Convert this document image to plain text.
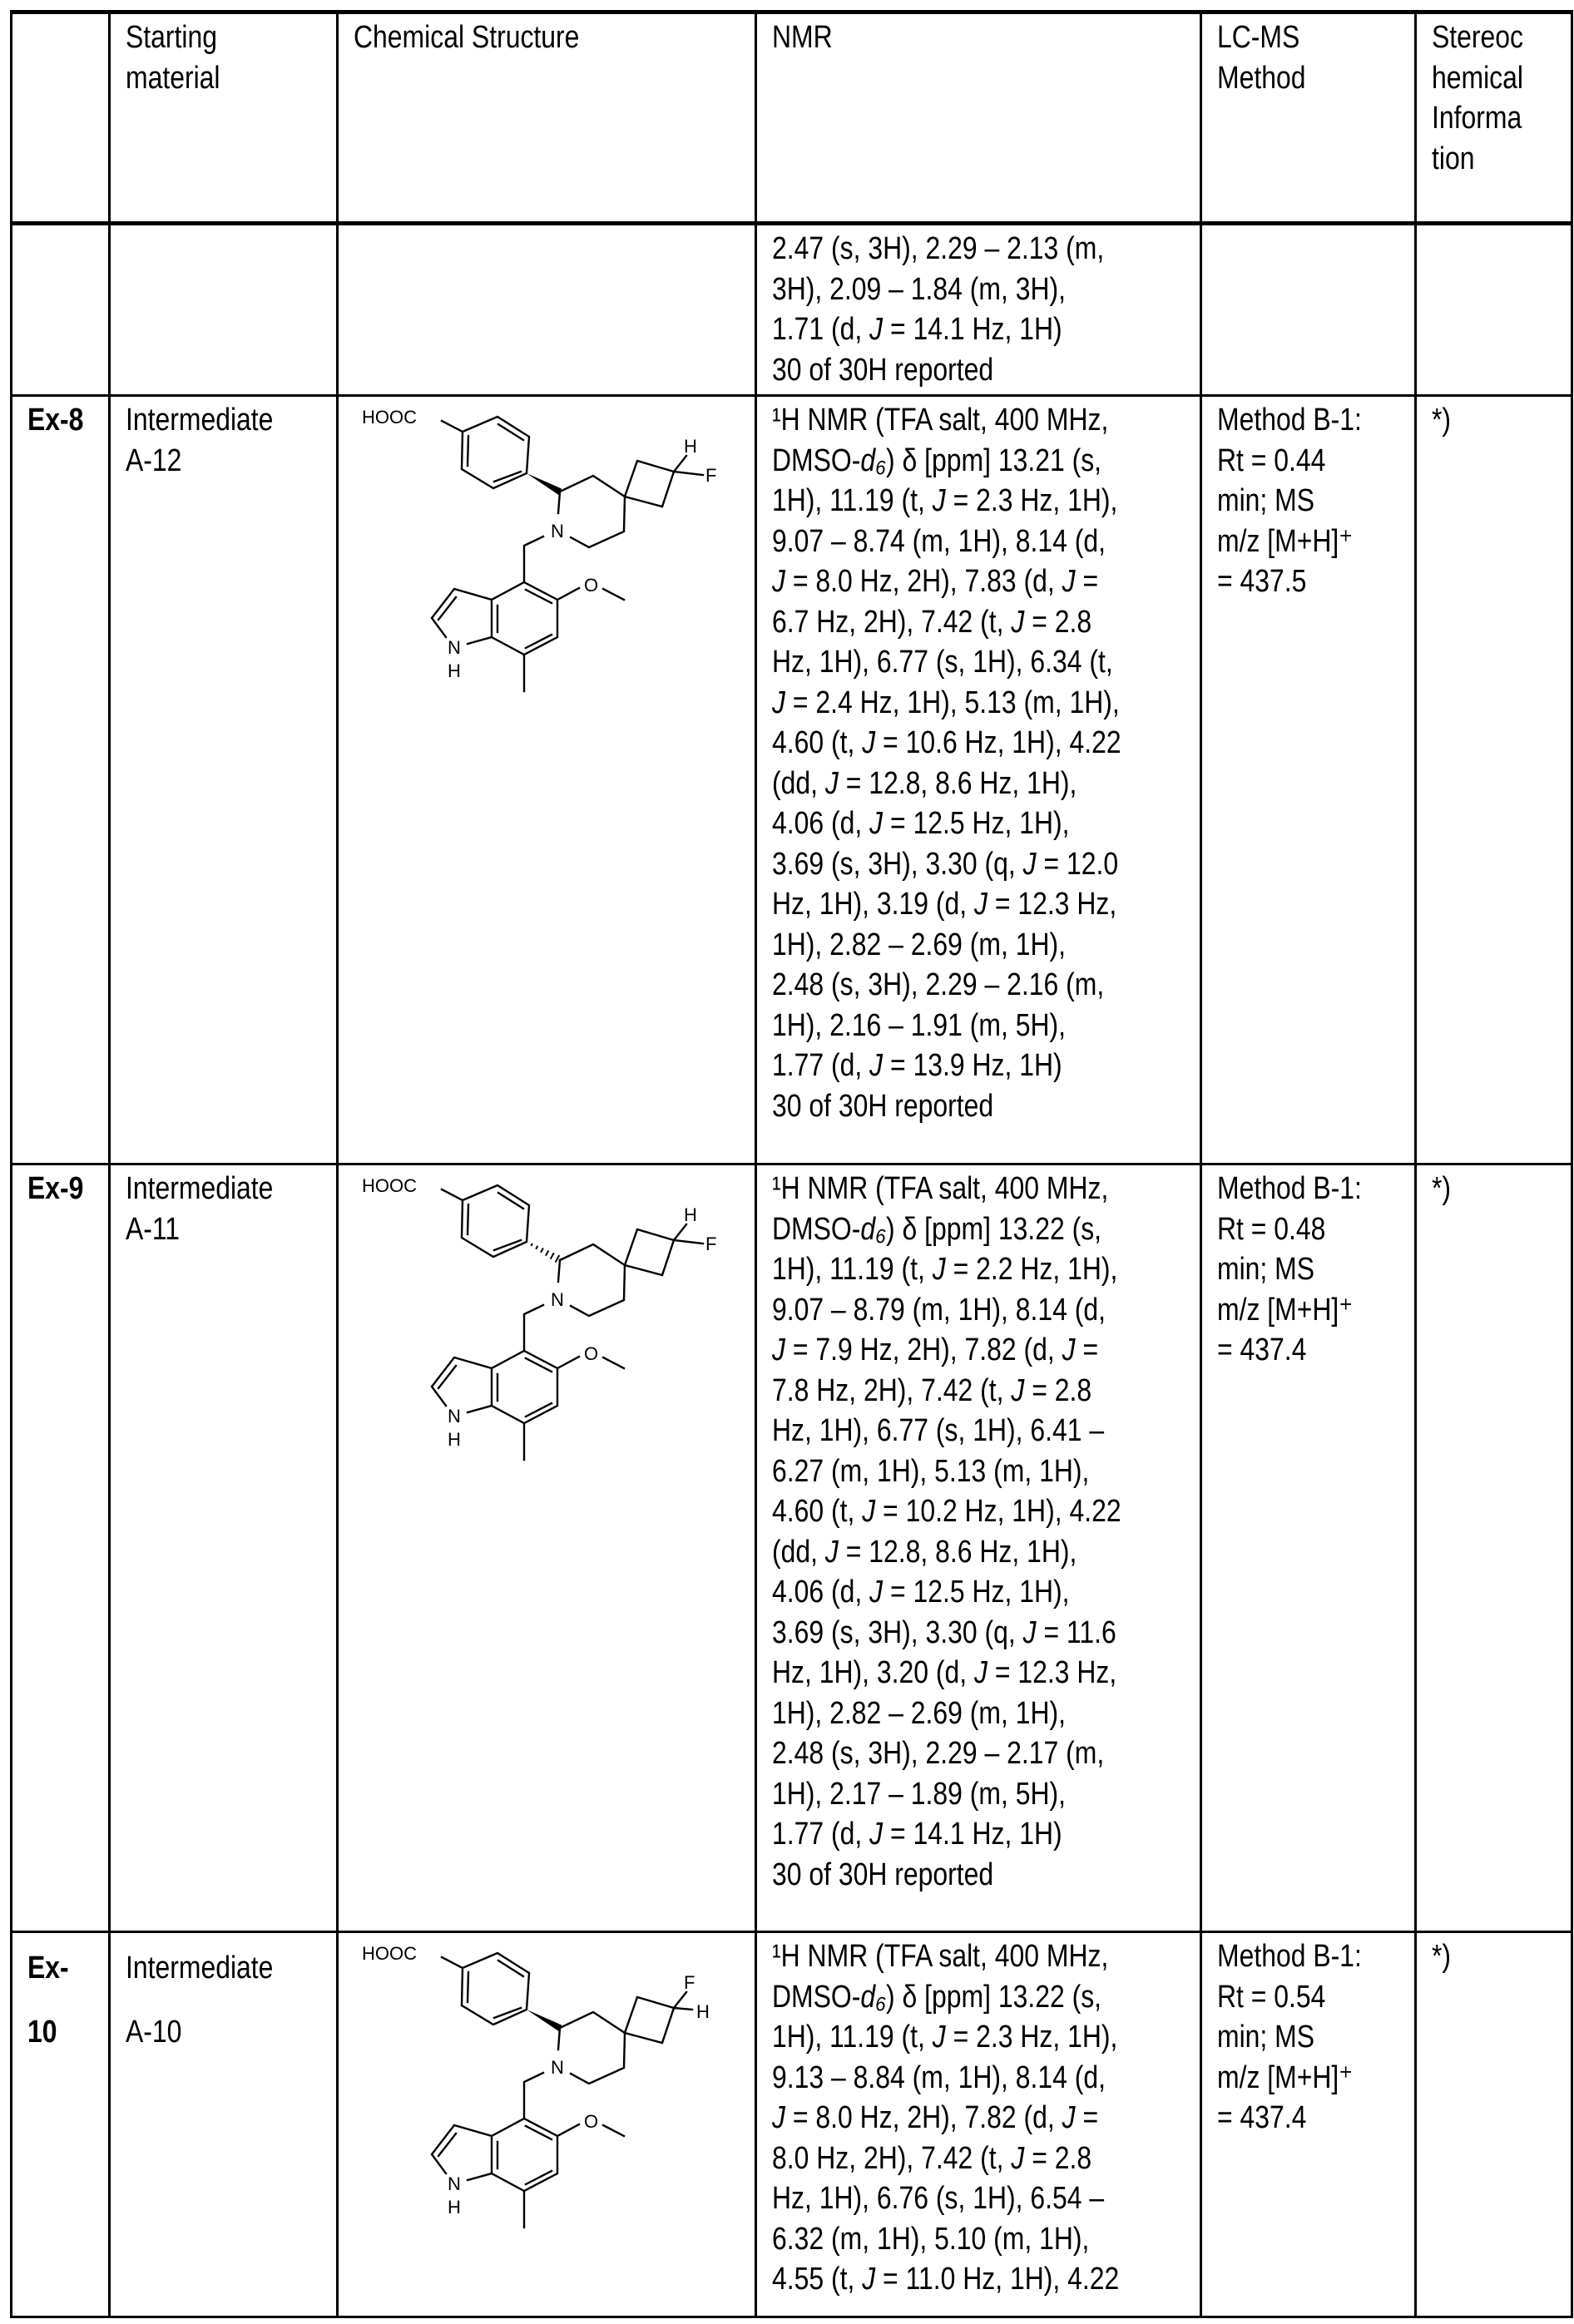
Starting
material

Chemical Structure	NMR	LC-MS
Method

Stereoc
hemical
Informa
tion

2.47 (s, 3H), 2.29 – 2.13 (m,
3H), 2.09 – 1.84 (m, 3H),
1.71 (d, J = 14.1 Hz, 1H)
30 of 30H reported

Ex-8	Intermediate
A-12

HOOC
N
H
F
N
H
O

¹H NMR (TFA salt, 400 MHz,
DMSO-d₆) δ [ppm] 13.21 (s,
1H), 11.19 (t, J = 2.3 Hz, 1H),
9.07 – 8.74 (m, 1H), 8.14 (d,
J = 8.0 Hz, 2H), 7.83 (d, J =
6.7 Hz, 2H), 7.42 (t, J = 2.8
Hz, 1H), 6.77 (s, 1H), 6.34 (t,
J = 2.4 Hz, 1H), 5.13 (m, 1H),
4.60 (t, J = 10.6 Hz, 1H), 4.22
(dd, J = 12.8, 8.6 Hz, 1H),
4.06 (d, J = 12.5 Hz, 1H),
3.69 (s, 3H), 3.30 (q, J = 12.0
Hz, 1H), 3.19 (d, J = 12.3 Hz,
1H), 2.82 – 2.69 (m, 1H),
2.48 (s, 3H), 2.29 – 2.16 (m,
1H), 2.16 – 1.91 (m, 5H),
1.77 (d, J = 13.9 Hz, 1H)
30 of 30H reported

Method B-1:
Rt = 0.44
min; MS
m/z [M+H]⁺
= 437.5

*)

Ex-9	Intermediate
A-11

HOOC
N
H
F
N
H
O

¹H NMR (TFA salt, 400 MHz,
DMSO-d₆) δ [ppm] 13.22 (s,
1H), 11.19 (t, J = 2.2 Hz, 1H),
9.07 – 8.79 (m, 1H), 8.14 (d,
J = 7.9 Hz, 2H), 7.82 (d, J =
7.8 Hz, 2H), 7.42 (t, J = 2.8
Hz, 1H), 6.77 (s, 1H), 6.41 –
6.27 (m, 1H), 5.13 (m, 1H),
4.60 (t, J = 10.2 Hz, 1H), 4.22
(dd, J = 12.8, 8.6 Hz, 1H),
4.06 (d, J = 12.5 Hz, 1H),
3.69 (s, 3H), 3.30 (q, J = 11.6
Hz, 1H), 3.20 (d, J = 12.3 Hz,
1H), 2.82 – 2.69 (m, 1H),
2.48 (s, 3H), 2.29 – 2.17 (m,
1H), 2.17 – 1.89 (m, 5H),
1.77 (d, J = 14.1 Hz, 1H)
30 of 30H reported

Method B-1:
Rt = 0.48
min; MS
m/z [M+H]⁺
= 437.4

*)

Ex-
10

Intermediate
A-10

HOOC
N
F
H
N
H
O

¹H NMR (TFA salt, 400 MHz,
DMSO-d₆) δ [ppm] 13.22 (s,
1H), 11.19 (t, J = 2.3 Hz, 1H),
9.13 – 8.84 (m, 1H), 8.14 (d,
J = 8.0 Hz, 2H), 7.82 (d, J =
8.0 Hz, 2H), 7.42 (t, J = 2.8
Hz, 1H), 6.76 (s, 1H), 6.54 –
6.32 (m, 1H), 5.10 (m, 1H),
4.55 (t, J = 11.0 Hz, 1H), 4.22

Method B-1:
Rt = 0.54
min; MS
m/z [M+H]⁺
= 437.4

*)
